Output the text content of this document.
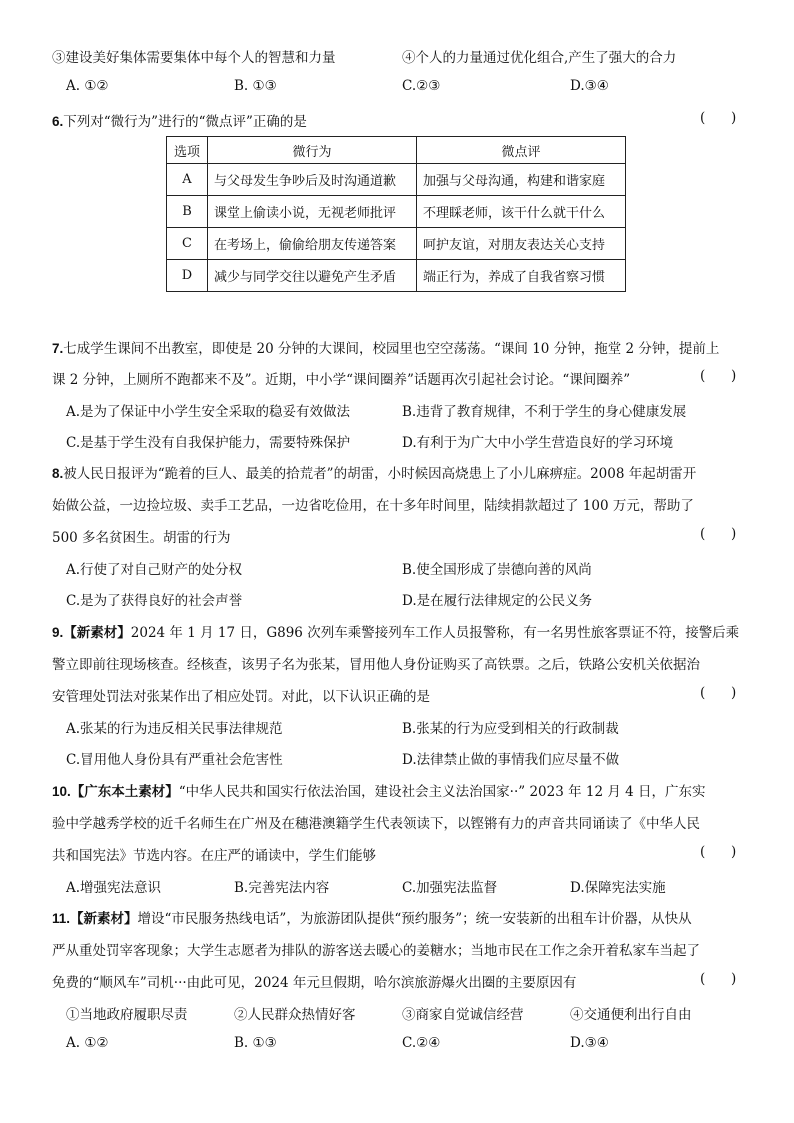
③建设美好集体需要集体中每个人的智慧和力量	④个人的力量通过优化组合,产生了强大的合力
A. ①②	B. ①③	C.②③	D.③④
6.下列对“微行为”进行的“微点评”正确的是	(      )
选项	微行为	微点评
A	与父母发生争吵后及时沟通道歉	加强与父母沟通，构建和谐家庭
B	课堂上偷读小说，无视老师批评	不理睬老师，该干什么就干什么
C	在考场上，偷偷给朋友传递答案	呵护友谊，对朋友表达关心支持
D	减少与同学交往以避免产生矛盾	端正行为，养成了自我省察习惯
7.七成学生课间不出教室，即使是 20 分钟的大课间，校园里也空空荡荡。“课间 10 分钟，拖堂 2 分钟，提前上
课 2 分钟，上厕所不跑都来不及”。近期，中小学“课间圈养”话题再次引起社会讨论。“课间圈养”	(      )
A.是为了保证中小学生安全采取的稳妥有效做法	B.违背了教育规律，不利于学生的身心健康发展
C.是基于学生没有自我保护能力，需要特殊保护	D.有利于为广大中小学生营造良好的学习环境
8.被人民日报评为“跪着的巨人、最美的拾荒者”的胡雷，小时候因高烧患上了小儿麻痹症。2008 年起胡雷开
始做公益，一边捡垃圾、卖手工艺品，一边省吃俭用，在十多年时间里，陆续捐款超过了 100 万元，帮助了
500 多名贫困生。胡雷的行为	(      )
A.行使了对自己财产的处分权	B.使全国形成了崇德向善的风尚
C.是为了获得良好的社会声誉	D.是在履行法律规定的公民义务
9.【新素材】2024 年 1 月 17 日，G896 次列车乘警接列车工作人员报警称，有一名男性旅客票证不符，接警后乘
警立即前往现场核查。经核查，该男子名为张某，冒用他人身份证购买了高铁票。之后，铁路公安机关依据治
安管理处罚法对张某作出了相应处罚。对此，以下认识正确的是	(      )
A.张某的行为违反相关民事法律规范	B.张某的行为应受到相关的行政制裁
C.冒用他人身份具有严重社会危害性	D.法律禁止做的事情我们应尽量不做
10.【广东本土素材】“中华人民共和国实行依法治国，建设社会主义法治国家··” 2023 年 12 月 4 日，广东实
验中学越秀学校的近千名师生在广州及在穗港澳籍学生代表领读下，以铿锵有力的声音共同诵读了《中华人民
共和国宪法》节选内容。在庄严的诵读中，学生们能够	(      )
A.增强宪法意识	B.完善宪法内容	C.加强宪法监督	D.保障宪法实施
11.【新素材】增设“市民服务热线电话”，为旅游团队提供“预约服务”；统一安装新的出租车计价器，从快从
严从重处罚宰客现象；大学生志愿者为排队的游客送去暖心的姜糖水；当地市民在工作之余开着私家车当起了
免费的“顺风车”司机···由此可见，2024 年元旦假期，哈尔滨旅游爆火出圈的主要原因有	(      )
①当地政府履职尽责	②人民群众热情好客	③商家自觉诚信经营	④交通便利出行自由
A. ①②	B. ①③	C.②④	D.③④
